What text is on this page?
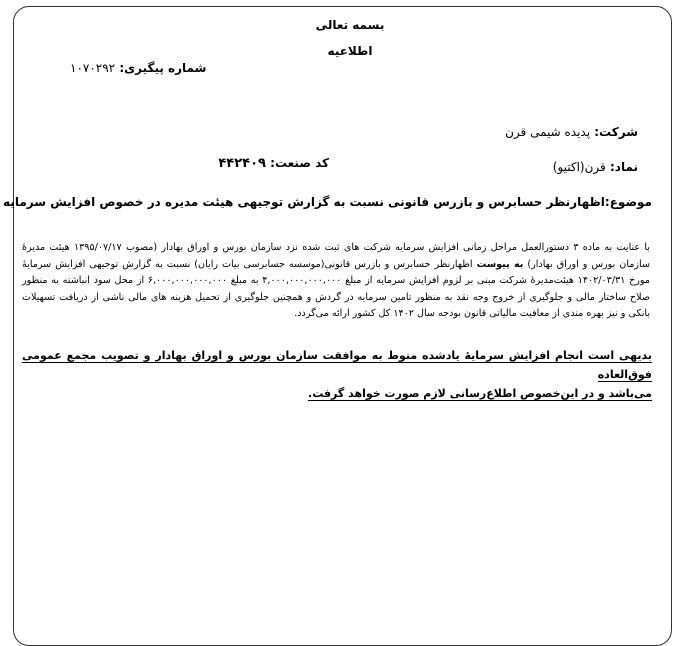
بسمه تعالی
اطلاعیه
شماره پیگیری: ۱۰۷۰۲۹۲
شرکت: پدیده شیمی قرن
نماد: قرن(اکتیو)
کد صنعت: ۴۴۲۴۰۹
موضوع:اظهارنظر حسابرس و بازرس قانونی نسبت به گزارش توجیهی هیئت مدیره در خصوص افزایش سرمایه
با عنایت به ماده ۳ دستورالعمل مراحل زمانی افزایش سرمایه شرکت های ثبت شده نزد سازمان بورس و اوراق بهادار (مصوب ۱۳۹۵/۰۷/۱۷ هیئت مدیرهٔ سازمان بورس و اوراق بهادار) به پیوست اظهارنظر حسابرس و بازرس قانونی(موسسه حسابرسی بیات رایان) نسبت به گزارش توجیهی افزایش سرمایهٔ مورخ ۱۴۰۲/۰۳/۳۱ هیئت‌مدیرهٔ شرکت مبنی بر لزوم افزایش سرمایه از مبلغ ۴,۰۰۰,۰۰۰,۰۰۰,۰۰۰ به مبلغ ۶,۰۰۰,۰۰۰,۰۰۰,۰۰۰ از محل سود انباشته به منظور صلاح ساختار مالی و جلوگیری از خروج وجه نقد به منظور تامین سرمایه در گردش و همچنین جلوگیری از تحمیل هزینه های مالی ناشی از دریافت تسهیلات بانکی و نیز بهره مندی از معافیت مالیاتی قانون بودجه سال ۱۴۰۲ کل کشور ارائه می‌گردد.
بدیهی است انجام افزایش سرمایهٔ یادشده منوط به موافقت سازمان بورس و اوراق بهادار و تصویب مجمع عمومی فوق‌العاده
می‌باشد و در این‌خصوص اطلاع‌رسانی لازم صورت خواهد گرفت.
